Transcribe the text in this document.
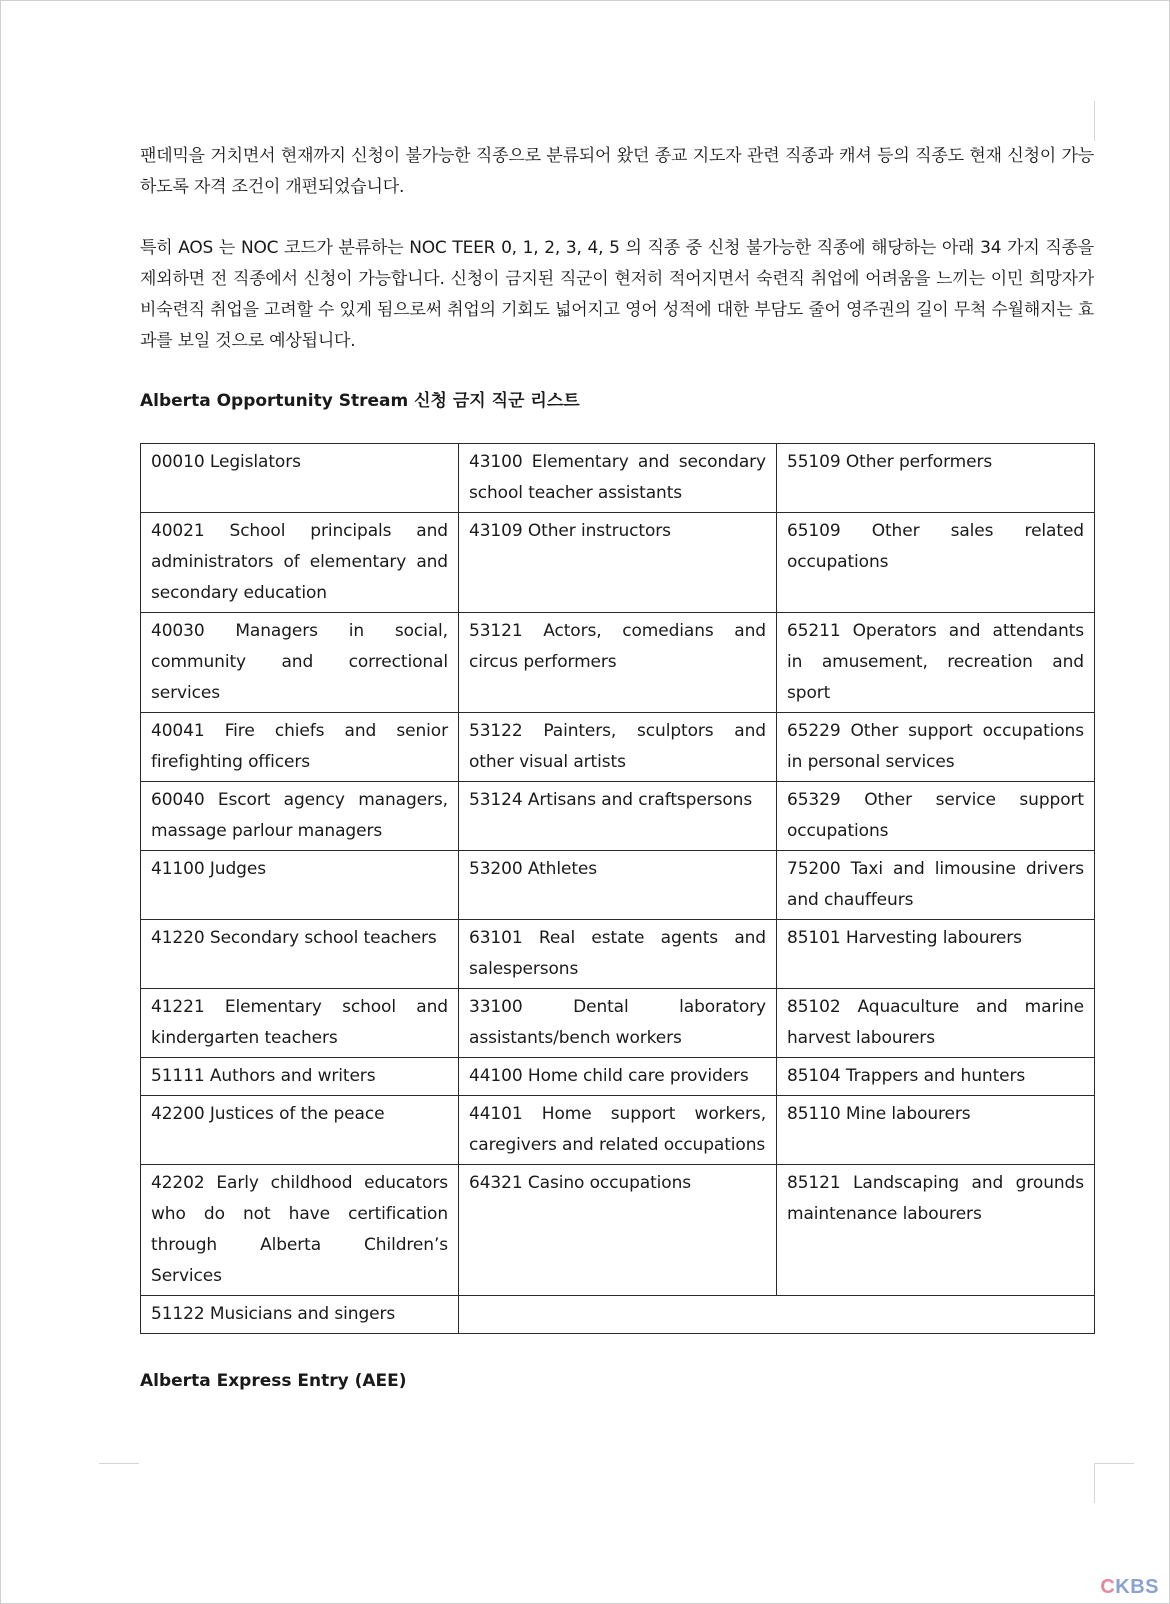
팬데믹을 거치면서 현재까지 신청이 불가능한 직종으로 분류되어 왔던 종교 지도자 관련 직종과 캐셔 등의 직종도 현재 신청이 가능하도록 자격 조건이 개편되었습니다.

특히 AOS 는 NOC 코드가 분류하는 NOC TEER 0, 1, 2, 3, 4, 5 의 직종 중 신청 불가능한 직종에 해당하는 아래 34 가지 직종을 제외하면 전 직종에서 신청이 가능합니다. 신청이 금지된 직군이 현저히 적어지면서 숙련직 취업에 어려움을 느끼는 이민 희망자가 비숙련직 취업을 고려할 수 있게 됨으로써 취업의 기회도 넓어지고 영어 성적에 대한 부담도 줄어 영주권의 길이 무척 수월해지는 효과를 보일 것으로 예상됩니다.

Alberta Opportunity Stream 신청 금지 직군 리스트

00010 Legislators	43100 Elementary and secondary school teacher assistants	55109 Other performers
40021 School principals and administrators of elementary and secondary education	43109 Other instructors	65109 Other sales related occupations
40030 Managers in social, community and correctional services	53121 Actors, comedians and circus performers	65211 Operators and attendants in amusement, recreation and sport
40041 Fire chiefs and senior firefighting officers	53122 Painters, sculptors and other visual artists	65229 Other support occupations in personal services
60040 Escort agency managers, massage parlour managers	53124 Artisans and craftspersons	65329 Other service support occupations
41100 Judges	53200 Athletes	75200 Taxi and limousine drivers and chauffeurs
41220 Secondary school teachers	63101 Real estate agents and salespersons	85101 Harvesting labourers
41221 Elementary school and kindergarten teachers	33100 Dental laboratory assistants/bench workers	85102 Aquaculture and marine harvest labourers
51111 Authors and writers	44100 Home child care providers	85104 Trappers and hunters
42200 Justices of the peace	44101 Home support workers, caregivers and related occupations	85110 Mine labourers
42202 Early childhood educators who do not have certification through Alberta Children’s Services	64321 Casino occupations	85121 Landscaping and grounds maintenance labourers
51122 Musicians and singers		

Alberta Express Entry (AEE)

CKBS
